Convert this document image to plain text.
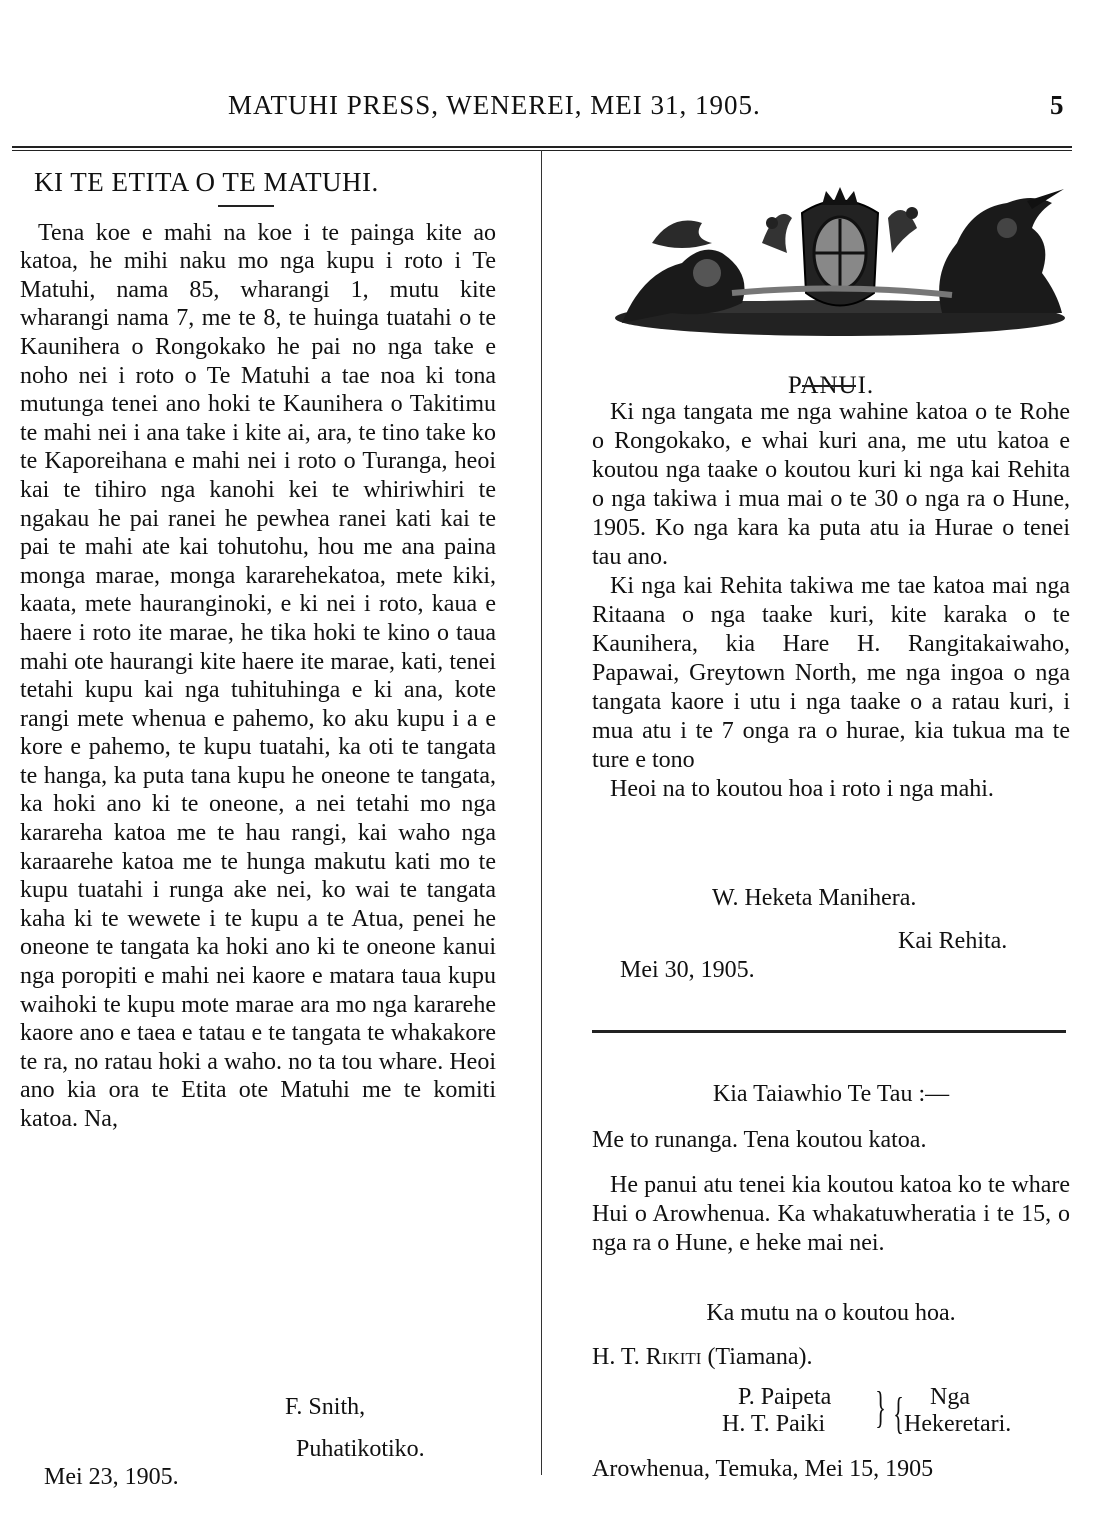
MATUHI PRESS, WENEREI, MEI 31, 1905.	5
KI TE ETITA O TE MATUHI.
Tena koe e mahi na koe i te painga kite ao katoa, he mihi naku mo nga kupu i roto i Te Matuhi, nama 85, wharangi 1, mutu kite wharangi nama 7, me te 8, te huinga tuatahi o te Kaunihera o Rongokako he pai no nga take e noho nei i roto o Te Matuhi a tae noa ki tona mutunga tenei ano hoki te Kaunihera o Takitimu te mahi nei i ana take i kite ai, ara, te tino take ko te Kaporeihana e mahi nei i roto o Turanga, heoi kai te tihiro nga kanohi kei te whiriwhiri te ngakau he pai ranei he pewhea ranei kati kai te pai te mahi ate kai tohutohu, hou me ana paina monga marae, monga kararehekatoa, mete kiki, kaata, mete hauranginoki, e ki nei i roto, kaua e haere i roto ite marae, he tika hoki te kino o taua mahi ote haurangi kite haere ite marae, kati, tenei tetahi kupu kai nga tuhituhinga e ki ana, kote rangi mete whenua e pahemo, ko aku kupu i a e kore e pahemo, te kupu tuatahi, ka oti te tangata te hanga, ka puta tana kupu he oneone te tangata, ka hoki ano ki te oneone, a nei tetahi mo nga karareha katoa me te hau rangi, kai waho nga karaarehe katoa me te hunga makutu kati mo te kupu tuatahi i runga ake nei, ko wai te tangata kaha ki te wewete i te kupu a te Atua, penei he oneone te tangata ka hoki ano ki te oneone kanui nga poropiti e mahi nei kaore e matara taua kupu waihoki te kupu mote marae ara mo nga kararehe kaore ano e taea e tatau e te tangata te whakakore te ra, no ratau hoki a waho. no ta tou whare. Heoi ano kia ora te Etita ote Matuhi me te komiti katoa. Na,
F. Snith,
Puhatikotiko.
Mei 23, 1905.
PANUI.
Ki nga tangata me nga wahine katoa o te Rohe o Rongokako, e whai kuri ana, me utu katoa e koutou nga taake o koutou kuri ki nga kai Rehita o nga takiwa i mua mai o te 30 o nga ra o Hune, 1905. Ko nga kara ka puta atu ia Hurae o tenei tau ano.
Ki nga kai Rehita takiwa me tae katoa mai nga Ritaana o nga taake kuri, kite karaka o te Kaunihera, kia Hare H. Rangitakaiwaho, Papawai, Greytown North, me nga ingoa o nga tangata kaore i utu i nga taake o a ratau kuri, i mua atu i te 7 onga ra o hurae, kia tukua ma te ture e tono
Heoi na to koutou hoa i roto i nga mahi.
W. Heketa Manihera.
Kai Rehita.
Mei 30, 1905.
Kia Taiawhio Te Tau :—
Me to runanga. Tena koutou katoa.
He panui atu tenei kia koutou katoa ko te whare Hui o Arowhenua. Ka whakatuwheratia i te 15, o nga ra o Hune, e heke mai nei.
Ka mutu na o koutou hoa.
H. T. Rikiti (Tiamana).
P. Paipeta
H. T. Paiki } { Nga
Hekeretari.
Arowhenua, Temuka, Mei 15, 1905
